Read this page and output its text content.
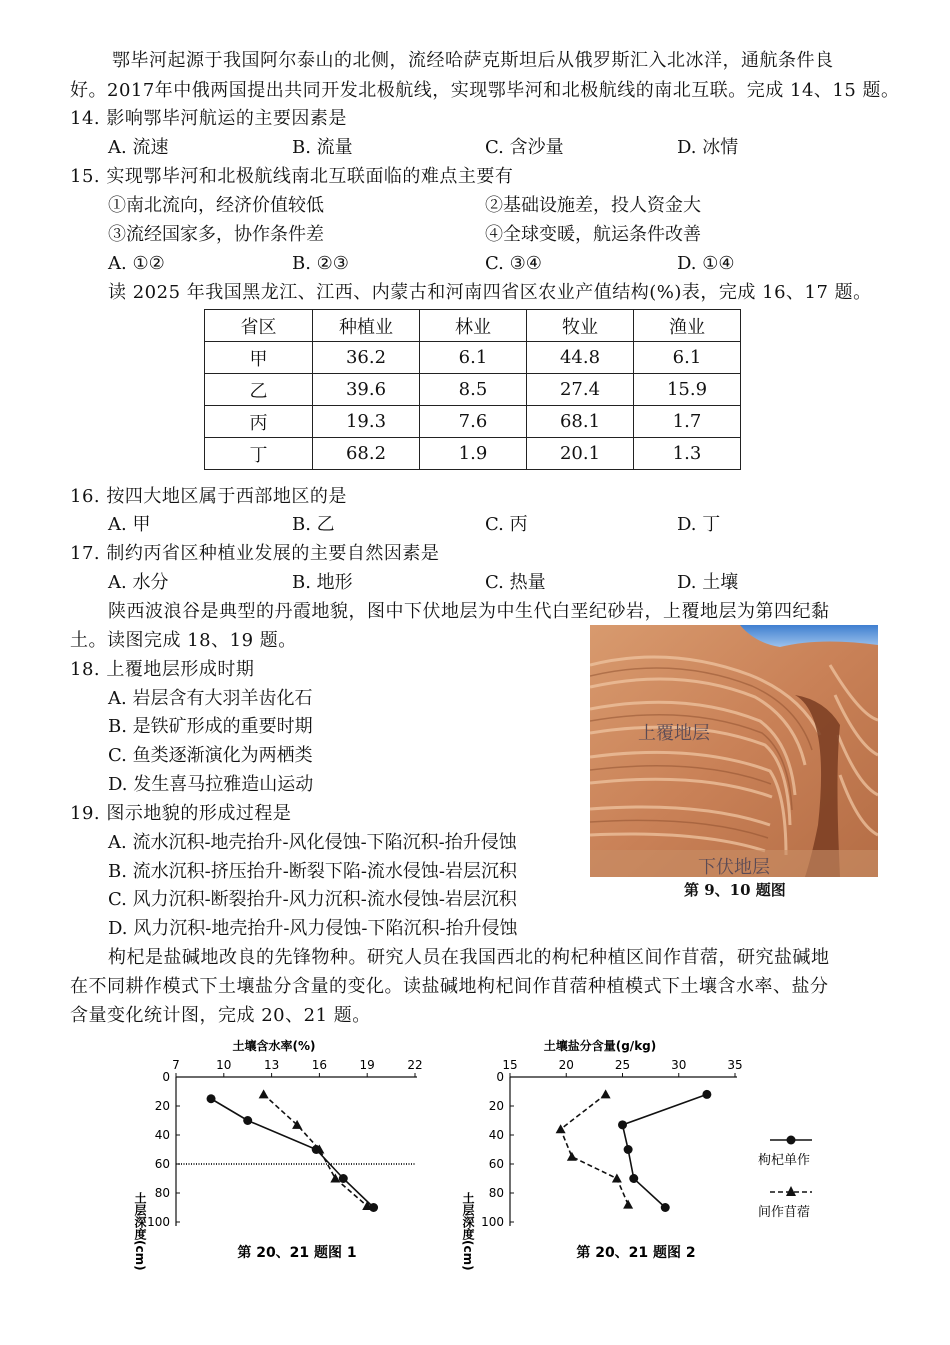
鄂毕河起源于我国阿尔泰山的北侧，流经哈萨克斯坦后从俄罗斯汇入北冰洋，通航条件良
好。2017年中俄两国提出共同开发北极航线，实现鄂毕河和北极航线的南北互联。完成 14、15 题。
14. 影响鄂毕河航运的主要因素是
A. 流速	B. 流量	C. 含沙量	D. 冰情
15. 实现鄂毕河和北极航线南北互联面临的难点主要有
①南北流向，经济价值较低	②基础设施差，投人资金大
③流经国家多，协作条件差	④全球变暖，航运条件改善
A. ①②	B. ②③	C. ③④	D. ①④
读 2025 年我国黑龙江、江西、内蒙古和河南四省区农业产值结构(%)表，完成 16、17 题。
省区	种植业	林业	牧业	渔业
甲	36.2	6.1	44.8	6.1
乙	39.6	8.5	27.4	15.9
丙	19.3	7.6	68.1	1.7
丁	68.2	1.9	20.1	1.3
16. 按四大地区属于西部地区的是
A. 甲	B. 乙	C. 丙	D. 丁
17. 制约丙省区种植业发展的主要自然因素是
A. 水分	B. 地形	C. 热量	D. 土壤
陕西波浪谷是典型的丹霞地貌，图中下伏地层为中生代白垩纪砂岩，上覆地层为第四纪黏
土。读图完成 18、19 题。
18. 上覆地层形成时期
A. 岩层含有大羽羊齿化石
B. 是铁矿形成的重要时期
C. 鱼类逐渐演化为两栖类
D. 发生喜马拉雅造山运动
19. 图示地貌的形成过程是
A. 流水沉积-地壳抬升-风化侵蚀-下陷沉积-抬升侵蚀
B. 流水沉积-挤压抬升-断裂下陷-流水侵蚀-岩层沉积
C. 风力沉积-断裂抬升-风力沉积-流水侵蚀-岩层沉积
D. 风力沉积-地壳抬升-风力侵蚀-下陷沉积-抬升侵蚀
上覆地层
下伏地层
第 9、10 题图
枸杞是盐碱地改良的先锋物种。研究人员在我国西北的枸杞种植区间作苜蓿，研究盐碱地
在不同耕作模式下土壤盐分含量的变化。读盐碱地枸杞间作苜蓿种植模式下土壤含水率、盐分
含量变化统计图，完成 20、21 题。
土壤含水率(%)
7	10	13	16	19	22
0
20
40
60
80
100
土层深度(cm)	第 20、21 题图 1
土壤盐分含量(g/kg)
15	20	25	30	35
0
20
40
60
80
100
土层深度(cm)	第 20、21 题图 2
枸杞单作
间作苜蓿
